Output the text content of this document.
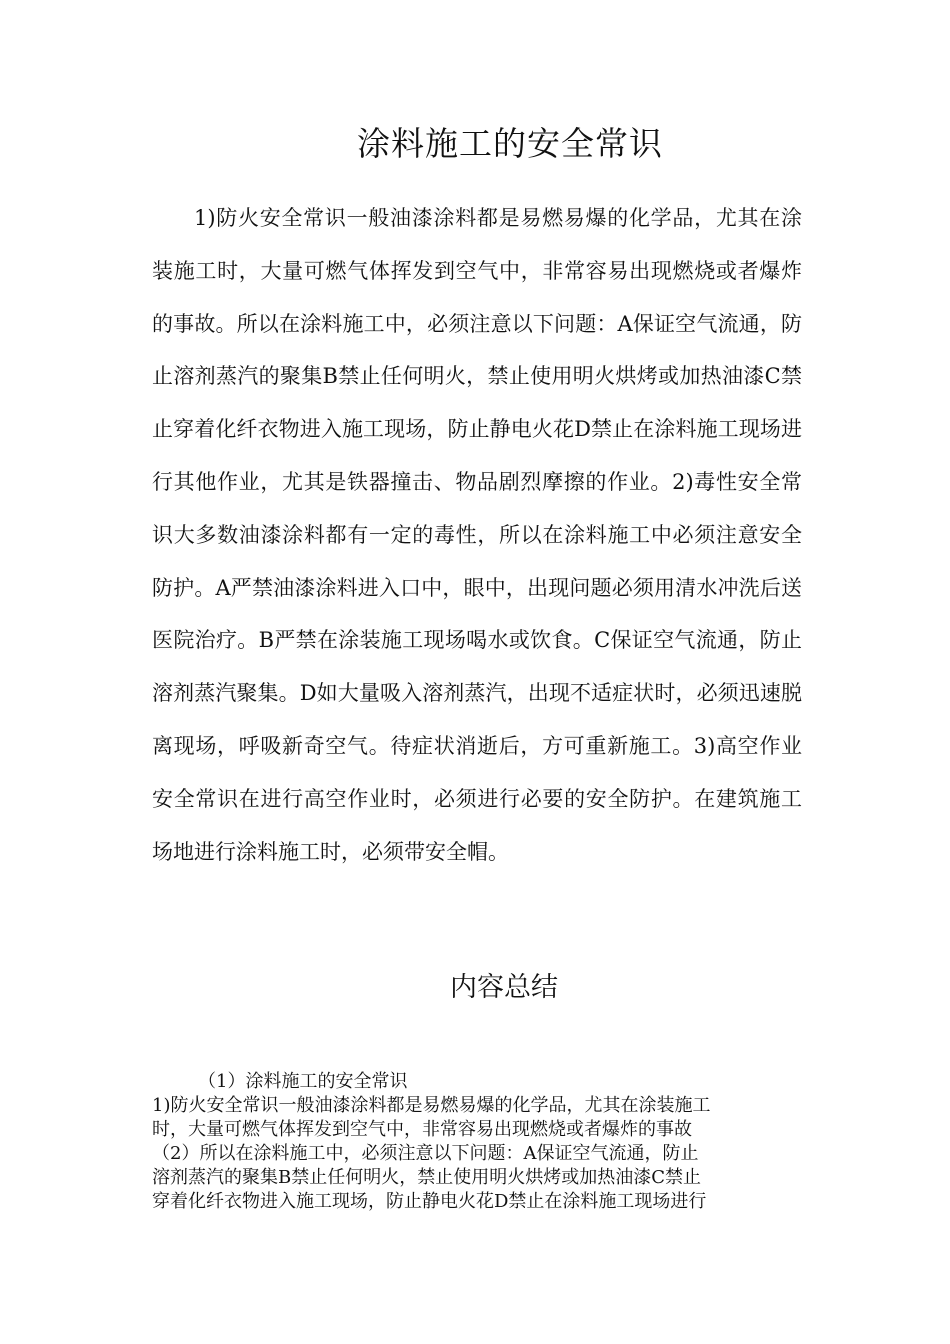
涂料施工的安全常识

1)防火安全常识一般油漆涂料都是易燃易爆的化学品，尤其在涂装施工时，大量可燃气体挥发到空气中，非常容易出现燃烧或者爆炸的事故。所以在涂料施工中，必须注意以下问题：A保证空气流通，防止溶剂蒸汽的聚集B禁止任何明火，禁止使用明火烘烤或加热油漆C禁止穿着化纤衣物进入施工现场，防止静电火花D禁止在涂料施工现场进行其他作业，尤其是铁器撞击、物品剧烈摩擦的作业。2)毒性安全常识大多数油漆涂料都有一定的毒性，所以在涂料施工中必须注意安全防护。A严禁油漆涂料进入口中，眼中，出现问题必须用清水冲洗后送医院治疗。B严禁在涂装施工现场喝水或饮食。C保证空气流通，防止溶剂蒸汽聚集。D如大量吸入溶剂蒸汽，出现不适症状时，必须迅速脱离现场，呼吸新奇空气。待症状消逝后，方可重新施工。3)高空作业安全常识在进行高空作业时，必须进行必要的安全防护。在建筑施工场地进行涂料施工时，必须带安全帽。

内容总结
（1）涂料施工的安全常识
1)防火安全常识一般油漆涂料都是易燃易爆的化学品，尤其在涂装施工
时，大量可燃气体挥发到空气中，非常容易出现燃烧或者爆炸的事故
（2）所以在涂料施工中，必须注意以下问题：A保证空气流通，防止
溶剂蒸汽的聚集B禁止任何明火，禁止使用明火烘烤或加热油漆C禁止
穿着化纤衣物进入施工现场，防止静电火花D禁止在涂料施工现场进行
